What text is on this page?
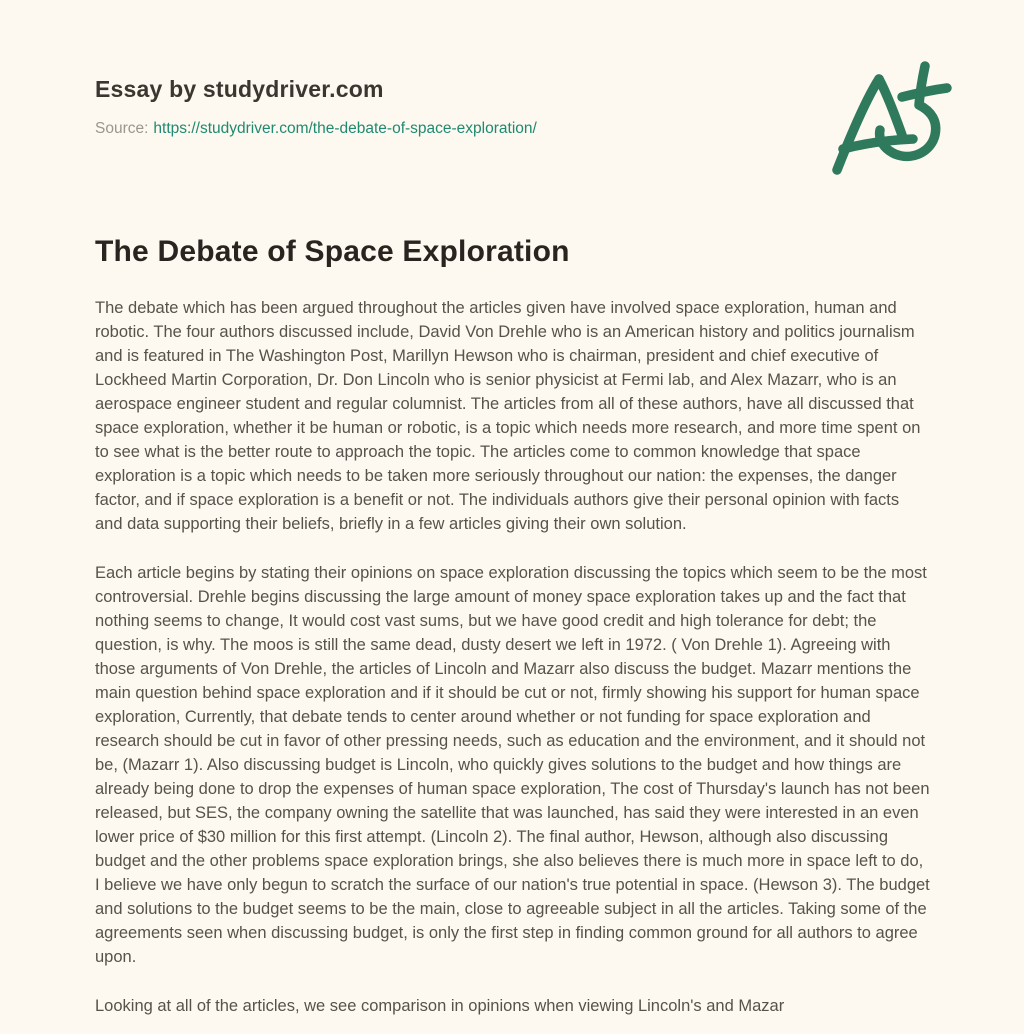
Essay by studydriver.com

Source: https://studydriver.com/the-debate-of-space-exploration/

The Debate of Space Exploration

The debate which has been argued throughout the articles given have involved space exploration, human and robotic. The four authors discussed include, David Von Drehle who is an American history and politics journalism and is featured in The Washington Post, Marillyn Hewson who is chairman, president and chief executive of Lockheed Martin Corporation, Dr. Don Lincoln who is senior physicist at Fermi lab, and Alex Mazarr, who is an aerospace engineer student and regular columnist. The articles from all of these authors, have all discussed that space exploration, whether it be human or robotic, is a topic which needs more research, and more time spent on to see what is the better route to approach the topic. The articles come to common knowledge that space exploration is a topic which needs to be taken more seriously throughout our nation: the expenses, the danger factor, and if space exploration is a benefit or not. The individuals authors give their personal opinion with facts and data supporting their beliefs, briefly in a few articles giving their own solution.

Each article begins by stating their opinions on space exploration discussing the topics which seem to be the most controversial. Drehle begins discussing the large amount of money space exploration takes up and the fact that nothing seems to change, It would cost vast sums, but we have good credit and high tolerance for debt; the question, is why. The moos is still the same dead, dusty desert we left in 1972. ( Von Drehle 1). Agreeing with those arguments of Von Drehle, the articles of Lincoln and Mazarr also discuss the budget. Mazarr mentions the main question behind space exploration and if it should be cut or not, firmly showing his support for human space exploration, Currently, that debate tends to center around whether or not funding for space exploration and research should be cut in favor of other pressing needs, such as education and the environment, and it should not be, (Mazarr 1). Also discussing budget is Lincoln, who quickly gives solutions to the budget and how things are already being done to drop the expenses of human space exploration, The cost of Thursday's launch has not been released, but SES, the company owning the satellite that was launched, has said they were interested in an even lower price of $30 million for this first attempt. (Lincoln 2). The final author, Hewson, although also discussing budget and the other problems space exploration brings, she also believes there is much more in space left to do, I believe we have only begun to scratch the surface of our nation's true potential in space. (Hewson 3). The budget and solutions to the budget seems to be the main, close to agreeable subject in all the articles. Taking some of the agreements seen when discussing budget, is only the first step in finding common ground for all authors to agree upon.

Looking at all of the articles, we see comparison in opinions when viewing Lincoln's and Mazar
